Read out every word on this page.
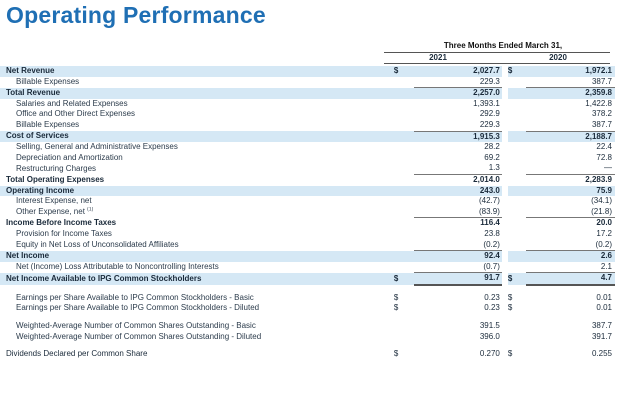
Operating Performance
Three Months Ended March 31,
2021	2020
Net Revenue	$	2,027.7		$	1,972.1
Billable Expenses		229.3			387.7
Total Revenue		2,257.0			2,359.8
Salaries and Related Expenses		1,393.1			1,422.8
Office and Other Direct Expenses		292.9			378.2
Billable Expenses		229.3			387.7
Cost of Services		1,915.3			2,188.7
Selling, General and Administrative Expenses		28.2			22.4
Depreciation and Amortization		69.2			72.8
Restructuring Charges		1.3			—
Total Operating Expenses		2,014.0			2,283.9
Operating Income		243.0			75.9
Interest Expense, net		(42.7)			(34.1)
Other Expense, net $^{(1)}$		(83.9)			(21.8)
Income Before Income Taxes		116.4			20.0
Provision for Income Taxes		23.8			17.2
Equity in Net Loss of Unconsolidated Affiliates		(0.2)			(0.2)
Net Income		92.4			2.6
Net (Income) Loss Attributable to Noncontrolling Interests		(0.7)			2.1
Net Income Available to IPG Common Stockholders	$	91.7		$	4.7

Earnings per Share Available to IPG Common Stockholders - Basic	$	0.23		$	0.01
Earnings per Share Available to IPG Common Stockholders - Diluted	$	0.23		$	0.01

Weighted-Average Number of Common Shares Outstanding - Basic		391.5			387.7
Weighted-Average Number of Common Shares Outstanding - Diluted		396.0			391.7

Dividends Declared per Common Share	$	0.270		$	0.255
